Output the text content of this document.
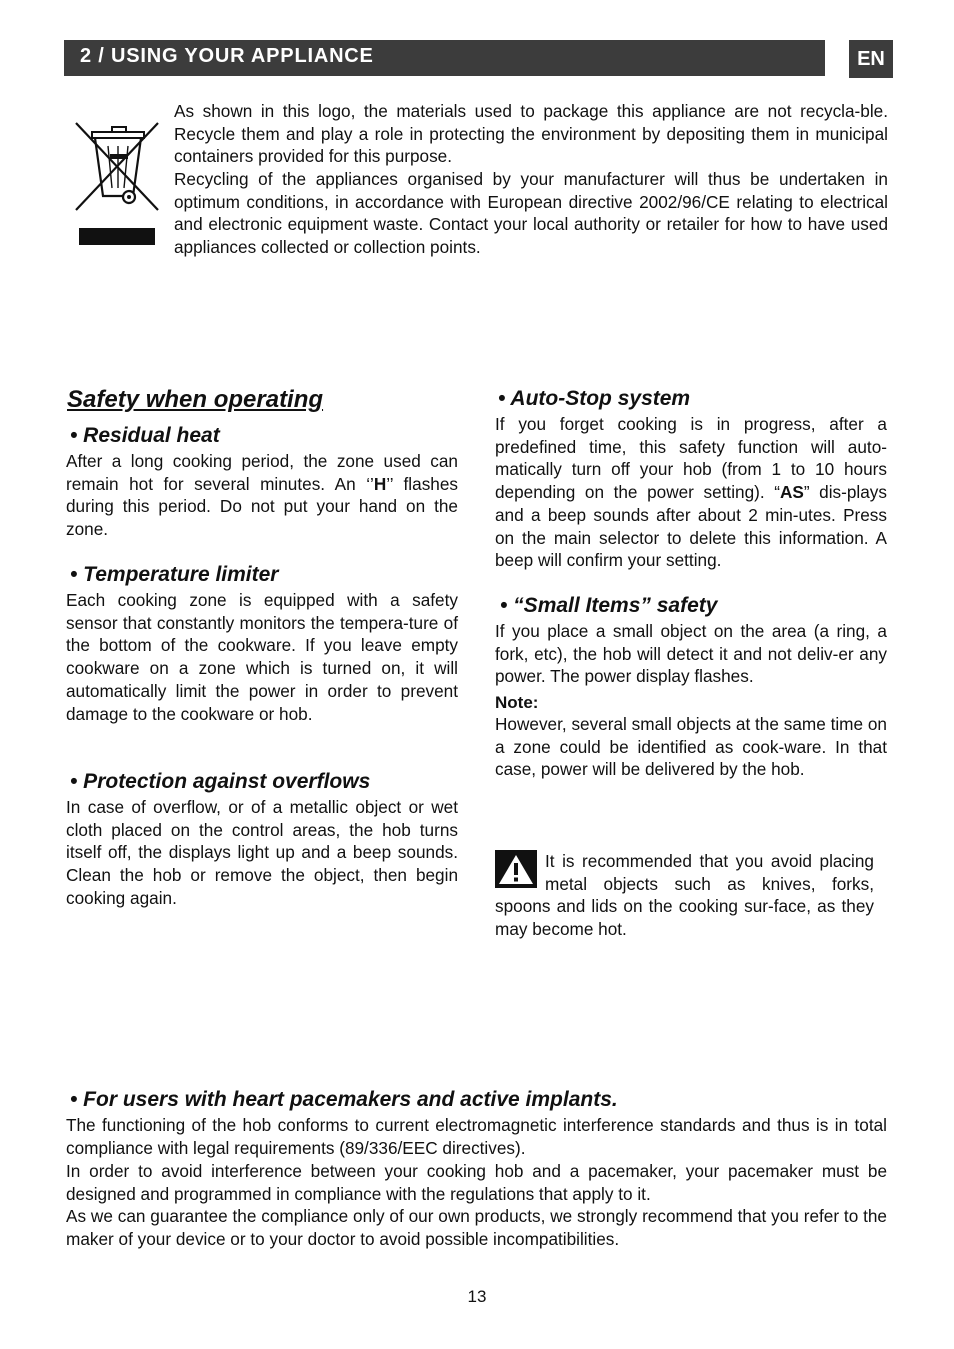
2 / USING YOUR APPLIANCE	EN

As shown in this logo, the materials used to package this appliance are not recycla-ble. Recycle them and play a role in protecting the environment by depositing them in municipal containers provided for this purpose.

Recycling of the appliances organised by your manufacturer will thus be undertaken in optimum conditions, in accordance with European directive 2002/96/CE relating to electrical and electronic equipment waste. Contact your local authority or retailer for how to have used appliances collected or collection points.

Safety when operating
• Residual heat

After a long cooking period, the zone used can remain hot for several minutes. An ‘’H’’ flashes during this period. Do not put your hand on the zone.

• Temperature limiter

Each cooking zone is equipped with a safety sensor that constantly monitors the tempera-ture of the bottom of the cookware. If you leave empty cookware on a zone which is turned on, it will automatically limit the power in order to prevent damage to the cookware or hob.

• Protection against overflows

In case of overflow, or of a metallic object or wet cloth placed on the control areas, the hob turns itself off, the displays light up and a beep sounds. Clean the hob or remove the object, then begin cooking again.

• Auto-Stop system

If you forget cooking is in progress, after a predefined time, this safety function will auto-matically turn off your hob (from 1 to 10 hours depending on the power setting). “AS” dis-plays and a beep sounds after about 2 min-utes. Press on the main selector to delete this information. A beep will confirm your setting.

• “Small Items” safety

If you place a small object on the area (a ring, a fork, etc), the hob will detect it and not deliv-er any power. The power display flashes.

Note:

However, several small objects at the same time on a zone could be identified as cook-ware. In that case, power will be delivered by the hob.

It is recommended that you avoid placing metal objects such as knives, forks, spoons and lids on the cooking sur-face, as they may become hot.

• For users with heart pacemakers and active implants.

The functioning of the hob conforms to current electromagnetic interference standards and thus is in total compliance with legal requirements (89/336/EEC directives).

In order to avoid interference between your cooking hob and a pacemaker, your pacemaker must be designed and programmed in compliance with the regulations that apply to it.

As we can guarantee the compliance only of our own products, we strongly recommend that you refer to the maker of your device or to your doctor to avoid possible incompatibilities.

13
